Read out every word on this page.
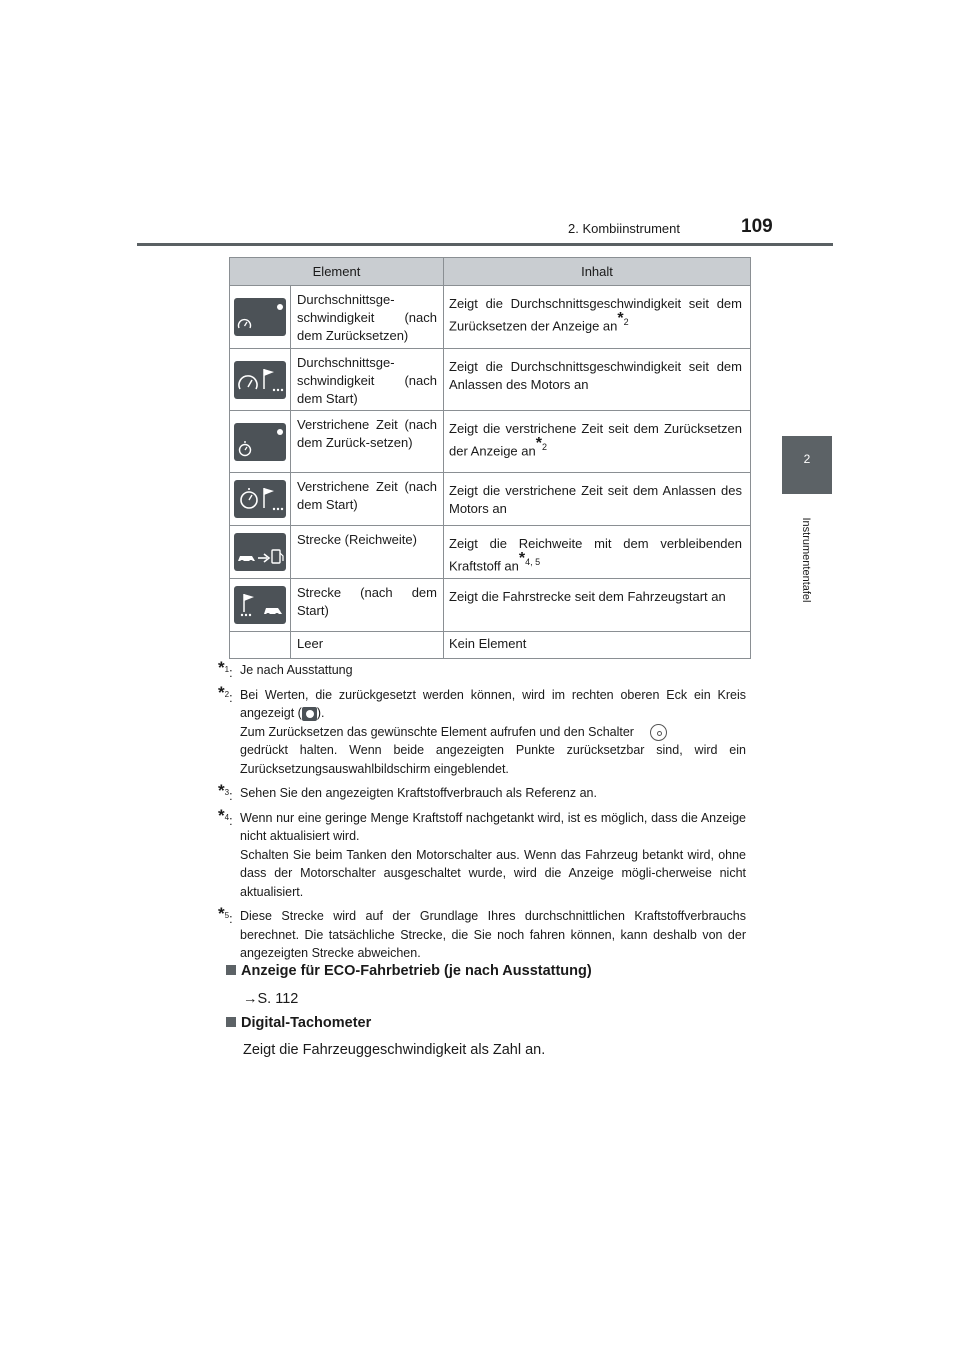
2. Kombiinstrument	109
2
Instrumententafel
Element		Inhalt
	Durchschnittsge-schwindigkeit (nach dem Zurücksetzen)	Zeigt die Durchschnittsgeschwindigkeit seit dem Zurücksetzen der Anzeige an*$^2$
	Durchschnittsge-schwindigkeit (nach dem Start)	Zeigt die Durchschnittsgeschwindigkeit seit dem Anlassen des Motors an
	Verstrichene Zeit (nach dem Zurück-setzen)	Zeigt die verstrichene Zeit seit dem Zurücksetzen der Anzeige an*$^2$
	Verstrichene Zeit (nach dem Start)	Zeigt die verstrichene Zeit seit dem Anlassen des Motors an
	Strecke (Reichweite)	Zeigt die Reichweite mit dem verbleibenden Kraftstoff an*$^{4, 5}$
	Strecke (nach dem Start)	Zeigt die Fahrstrecke seit dem Fahrzeugstart an
	Leer	Kein Element
*$^1$: Je nach Ausstattung
*$^2$: Bei Werten, die zurückgesetzt werden können, wird im rechten oberen Eck ein Kreis angezeigt ( ).
Zum Zurücksetzen das gewünschte Element aufrufen und den Schalter
gedrückt halten. Wenn beide angezeigten Punkte zurücksetzbar sind, wird ein Zurücksetzungsauswahlbildschirm eingeblendet.
*$^3$: Sehen Sie den angezeigten Kraftstoffverbrauch als Referenz an.
*$^4$: Wenn nur eine geringe Menge Kraftstoff nachgetankt wird, ist es möglich, dass die Anzeige nicht aktualisiert wird.
Schalten Sie beim Tanken den Motorschalter aus. Wenn das Fahrzeug betankt wird, ohne dass der Motorschalter ausgeschaltet wurde, wird die Anzeige mögli-cherweise nicht aktualisiert.
*$^5$: Diese Strecke wird auf der Grundlage Ihres durchschnittlichen Kraftstoffverbrauchs berechnet. Die tatsächliche Strecke, die Sie noch fahren können, kann deshalb von der angezeigten Strecke abweichen.
Anzeige für ECO-Fahrbetrieb (je nach Ausstattung)
→S. 112
Digital-Tachometer
Zeigt die Fahrzeuggeschwindigkeit als Zahl an.
